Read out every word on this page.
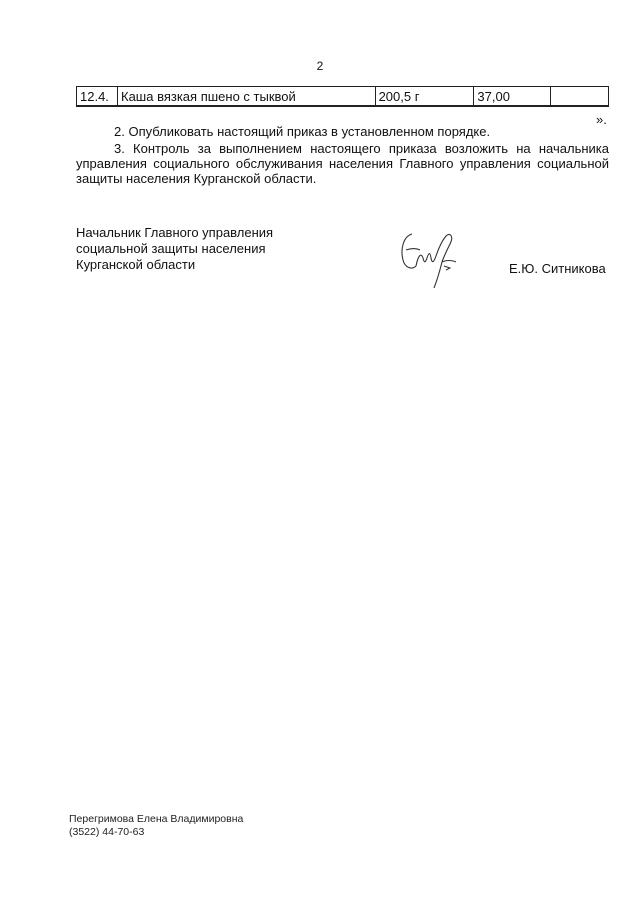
2
12.4.	Каша вязкая пшено с тыквой	200,5 г	37,00	
».
2. Опубликовать настоящий приказ в установленном порядке.
3. Контроль за выполнением настоящего приказа возложить на начальника управления социального обслуживания населения Главного управления социальной защиты населения Курганской области.
Начальник Главного управления
социальной защиты населения
Курганской области	Е.Ю. Ситникова
Перегримова Елена Владимировна
(3522) 44-70-63
